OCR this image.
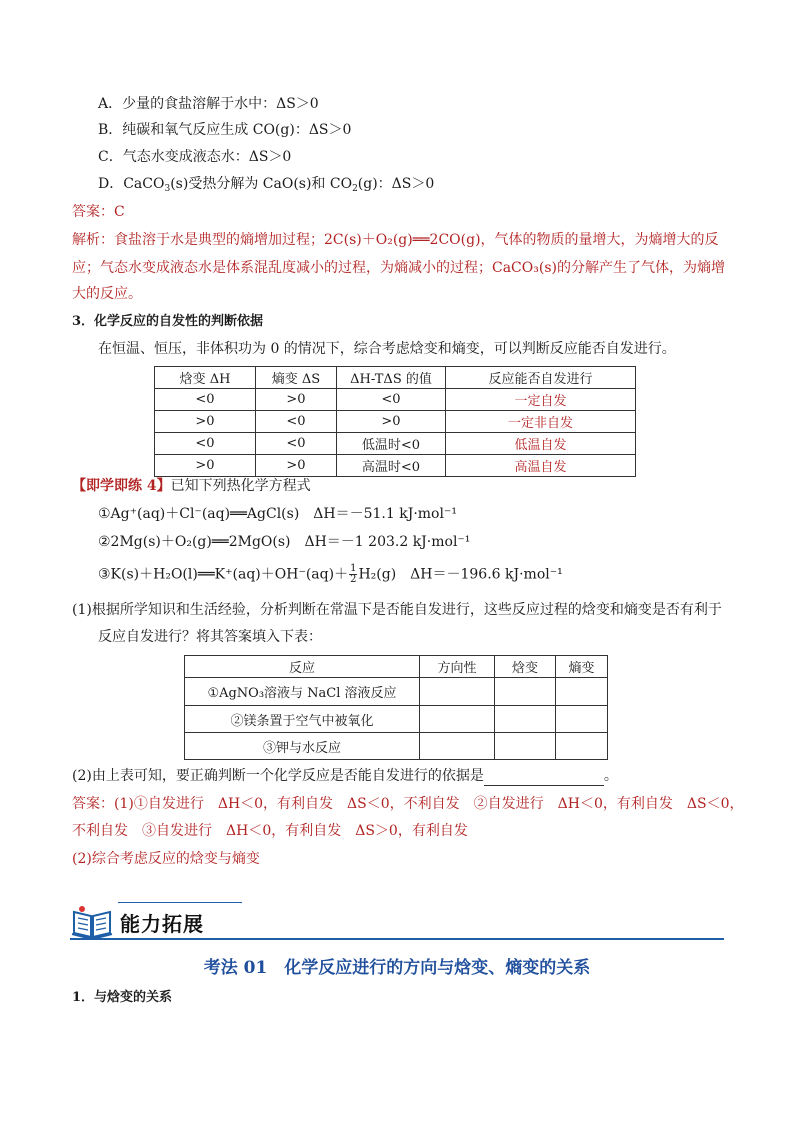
A．少量的食盐溶解于水中：ΔS＞0
B．纯碳和氧气反应生成 CO(g)：ΔS＞0
C．气态水变成液态水：ΔS＞0
D．CaCO$_3$(s)受热分解为 CaO(s)和 $CO_2(g)$：ΔS＞0
答案：C
解析：食盐溶于水是典型的熵增加过程；2C(s)＋O₂(g)══2CO(g)，气体的物质的量增大，为熵增大的反
应；气态水变成液态水是体系混乱度减小的过程，为熵减小的过程；CaCO₃(s)的分解产生了气体，为熵增
大的反应。
3．化学反应的自发性的判断依据
在恒温、恒压，非体积功为 0 的情况下，综合考虑焓变和熵变，可以判断反应能否自发进行。
焓变 ΔH	熵变 ΔS	ΔH-TΔS 的值	反应能否自发进行
<0	>0	<0	一定自发
>0	<0	>0	一定非自发
<0	<0	低温时<0	低温自发
>0	>0	高温时<0	高温自发
【即学即练 4】已知下列热化学方程式
①Ag⁺(aq)＋Cl⁻(aq)══AgCl(s)　ΔH＝－51.1 kJ·mol⁻¹
②2Mg(s)＋O₂(g)══2MgO(s)　ΔH＝－1 203.2 kJ·mol⁻¹
③K(s)＋H₂O(l)══K⁺(aq)＋OH⁻(aq)＋ $\frac{1}{2} H_2(g)$　ΔH＝－196.6 kJ·mol⁻¹
(1)根据所学知识和生活经验，分析判断在常温下是否能自发进行，这些反应过程的焓变和熵变是否有利于
反应自发进行？将其答案填入下表：
反应	方向性	焓变	熵变
①AgNO₃溶液与 NaCl 溶液反应			
②镁条置于空气中被氧化			
③钾与水反应			
(2)由上表可知，要正确判断一个化学反应是否能自发进行的依据是	。
答案：(1)①自发进行　ΔH＜0，有利自发　ΔS＜0，不利自发　②自发进行　ΔH＜0，有利自发　ΔS＜0，
不利自发　③自发进行　ΔH＜0，有利自发　ΔS＞0，有利自发
(2)综合考虑反应的焓变与熵变
能力拓展
考法 01　化学反应进行的方向与焓变、熵变的关系
1．与焓变的关系
